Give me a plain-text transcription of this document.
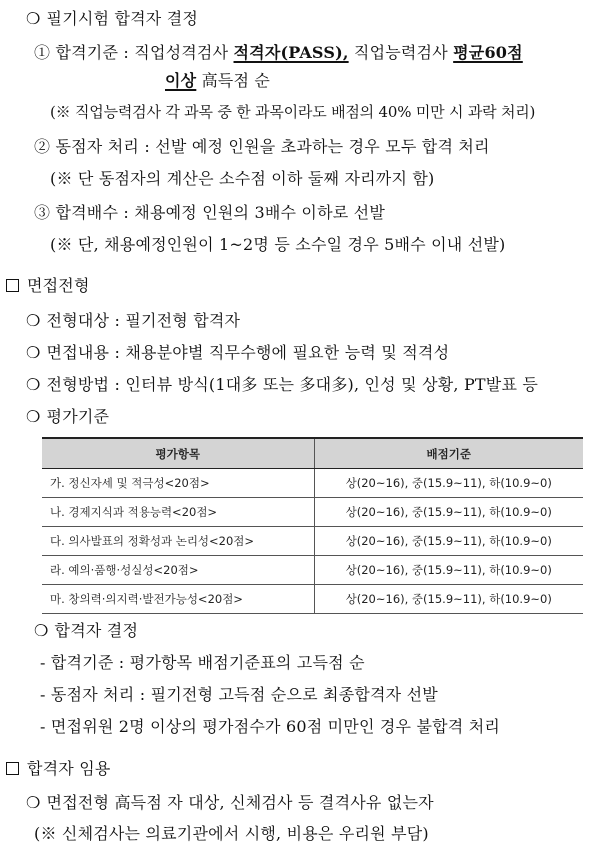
❍ 필기시험 합격자 결정
① 합격기준 : 직업성격검사 적격자(PASS), 직업능력검사 평균60점
이상 高득점 순
(※ 직업능력검사 각 과목 중 한 과목이라도 배점의 40% 미만 시 과락 처리)
② 동점자 처리 : 선발 예정 인원을 초과하는 경우 모두 합격 처리
(※ 단 동점자의 계산은 소수점 이하 둘째 자리까지 함)
③ 합격배수 : 채용예정 인원의 3배수 이하로 선발
(※ 단, 채용예정인원이 1~2명 등 소수일 경우 5배수 이내 선발)
면접전형
❍ 전형대상 : 필기전형 합격자
❍ 면접내용 : 채용분야별 직무수행에 필요한 능력 및 적격성
❍ 전형방법 : 인터뷰 방식(1대多 또는 多대多), 인성 및 상황, PT발표 등
❍ 평가기준
평가항목	배점기준
가. 정신자세 및 적극성<20점>	상(20~16), 중(15.9~11), 하(10.9~0)
나. 경제지식과 적용능력<20점>	상(20~16), 중(15.9~11), 하(10.9~0)
다. 의사발표의 정확성과 논리성<20점>	상(20~16), 중(15.9~11), 하(10.9~0)
라. 예의·품행·성실성<20점>	상(20~16), 중(15.9~11), 하(10.9~0)
마. 창의력·의지력·발전가능성<20점>	상(20~16), 중(15.9~11), 하(10.9~0)
❍ 합격자 결정
- 합격기준 : 평가항목 배점기준표의 고득점 순
- 동점자 처리 : 필기전형 고득점 순으로 최종합격자 선발
- 면접위원 2명 이상의 평가점수가 60점 미만인 경우 불합격 처리
합격자 임용
❍ 면접전형 高득점 자 대상, 신체검사 등 결격사유 없는자
(※ 신체검사는 의료기관에서 시행, 비용은 우리원 부담)
